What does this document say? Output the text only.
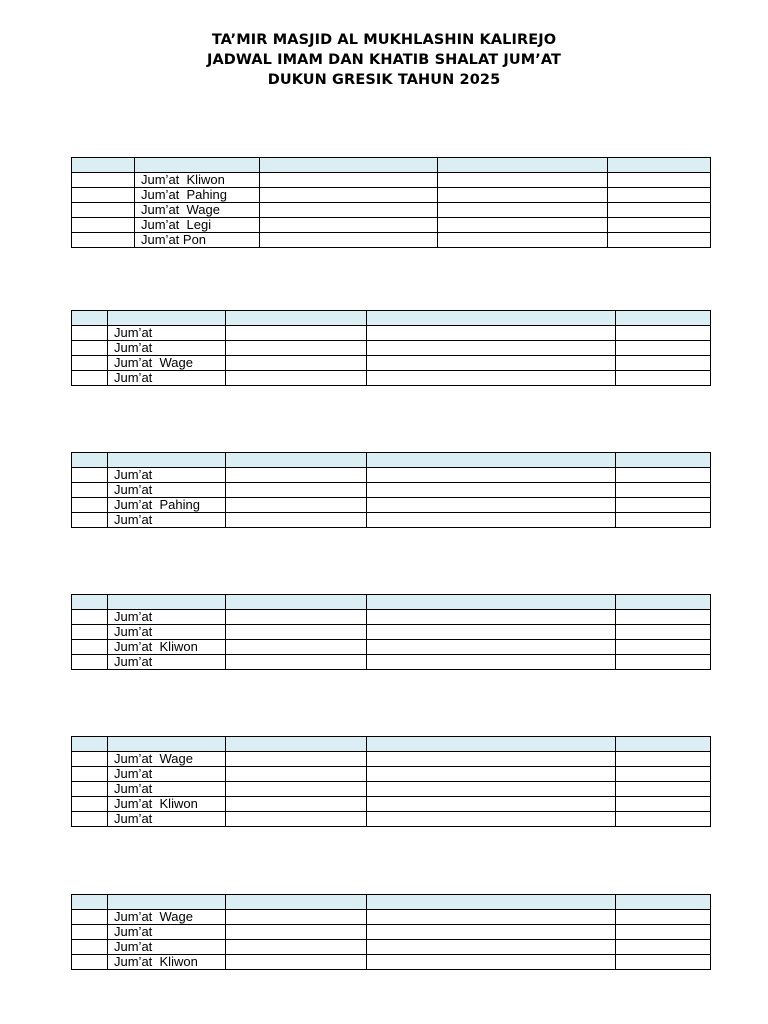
TA’MIR MASJID AL MUKHLASHIN KALIREJO
JADWAL IMAM DAN KHATIB SHALAT JUM’AT
DUKUN GRESIK TAHUN 2025

	Jum’at  Kliwon			
	Jum’at  Pahing			
	Jum’at  Wage			
	Jum’at  Legi			
	Jum’at Pon			

	Jum’at			
	Jum’at			
	Jum’at  Wage			
	Jum’at			

	Jum’at			
	Jum’at			
	Jum’at  Pahing			
	Jum’at			

	Jum’at			
	Jum’at			
	Jum’at  Kliwon			
	Jum’at			

	Jum’at  Wage			
	Jum’at			
	Jum’at			
	Jum’at  Kliwon			
	Jum’at			

	Jum’at  Wage			
	Jum’at			
	Jum’at			
	Jum’at  Kliwon			
